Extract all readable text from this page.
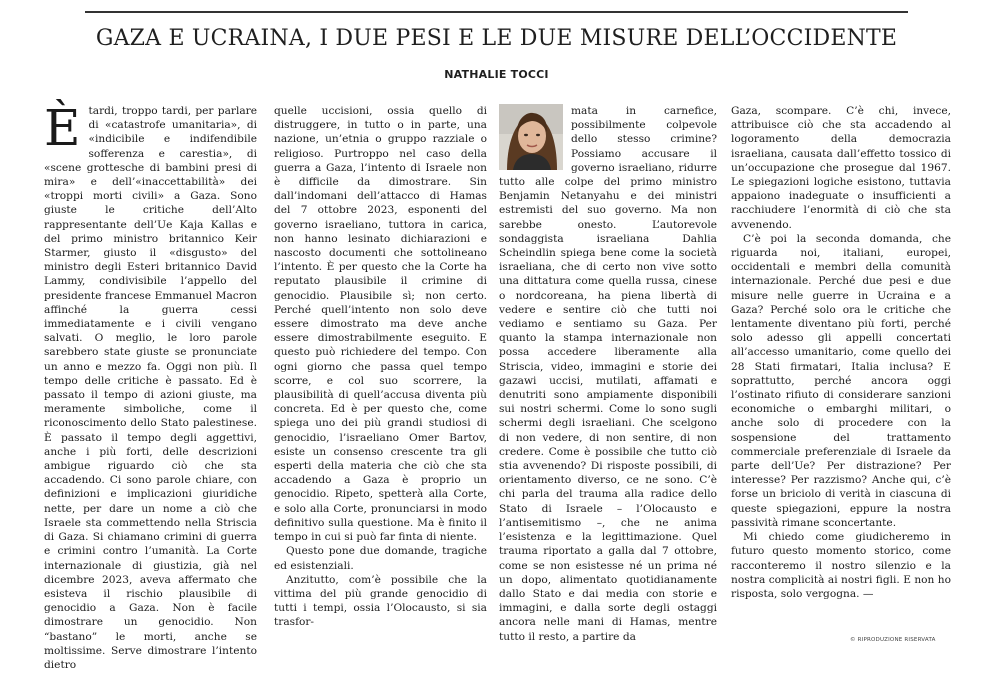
GAZA E UCRAINA, I DUE PESI E LE DUE MISURE DELL’OCCIDENTE
NATHALIE TOCCI
È tardi, troppo tardi, per parlare di «catastrofe umanitaria», di «indicibile e indifendibile sofferenza e carestia», di «scene grottesche di bambini presi di mira» e dell’«inaccettabilità» dei «troppi morti civili» a Gaza. Sono giuste le critiche dell’Alto rappresentante dell’Ue Kaja Kallas e del primo ministro britannico Keir Starmer, giusto il «disgusto» del ministro degli Esteri britannico David Lammy, condivisibile l’appello del presidente francese Emmanuel Macron affinché la guerra cessi immediatamente e i civili vengano salvati. O meglio, le loro parole sarebbero state giuste se pronunciate un anno e mezzo fa. Oggi non più. Il tempo delle critiche è passato. Ed è passato il tempo di azioni giuste, ma meramente simboliche, come il riconoscimento dello Stato palestinese. È passato il tempo degli aggettivi, anche i più forti, delle descrizioni ambigue riguardo ciò che sta accadendo. Ci sono parole chiare, con definizioni e implicazioni giuridiche nette, per dare un nome a ciò che Israele sta commettendo nella Striscia di Gaza. Si chiamano crimini di guerra e crimini contro l’umanità. La Corte internazionale di giustizia, già nel dicembre 2023, aveva affermato che esisteva il rischio plausibile di genocidio a Gaza. Non è facile dimostrare un genocidio. Non “bastano” le morti, anche se moltissime. Serve dimostrare l’intento dietro

quelle uccisioni, ossia quello di distruggere, in tutto o in parte, una nazione, un’etnia o gruppo razziale o religioso. Purtroppo nel caso della guerra a Gaza, l’intento di Israele non è difficile da dimostrare. Sin dall’indomani dell’attacco di Hamas del 7 ottobre 2023, esponenti del governo israeliano, tuttora in carica, non hanno lesinato dichiarazioni e nascosto documenti che sottolineano l’intento. È per questo che la Corte ha reputato plausibile il crimine di genocidio. Plausibile sì; non certo. Perché quell’intento non solo deve essere dimostrato ma deve anche essere dimostrabilmente eseguito. E questo può richiedere del tempo. Con ogni giorno che passa quel tempo scorre, e col suo scorrere, la plausibilità di quell’accusa diventa più concreta. Ed è per questo che, come spiega uno dei più grandi studiosi di genocidio, l’israeliano Omer Bartov, esiste un consenso crescente tra gli esperti della materia che ciò che sta accadendo a Gaza è proprio un genocidio. Ripeto, spetterà alla Corte, e solo alla Corte, pronunciarsi in modo definitivo sulla questione. Ma è finito il tempo in cui si può far finta di niente.

Questo pone due domande, tragiche ed esistenziali.

Anzitutto, com’è possibile che la vittima del più grande genocidio di tutti i tempi, ossia l’Olocausto, si sia trasfor-

mata in carnefice, possibilmente colpevole dello stesso crimine? Possiamo accusare il governo israeliano, ridurre tutto alle colpe del primo ministro Benjamin Netanyahu e dei ministri estremisti del suo governo. Ma non sarebbe onesto. L’autorevole sondaggista israeliana Dahlia Scheindlin spiega bene come la società israeliana, che di certo non vive sotto una dittatura come quella russa, cinese o nordcoreana, ha piena libertà di vedere e sentire ciò che tutti noi vediamo e sentiamo su Gaza. Per quanto la stampa internazionale non possa accedere liberamente alla Striscia, video, immagini e storie dei gazawi uccisi, mutilati, affamati e denutriti sono ampiamente disponibili sui nostri schermi. Come lo sono sugli schermi degli israeliani. Che scelgono di non vedere, di non sentire, di non credere. Come è possibile che tutto ciò stia avvenendo? Di risposte possibili, di orientamento diverso, ce ne sono. C’è chi parla del trauma alla radice dello Stato di Israele – l’Olocausto e l’antisemitismo –, che ne anima l’esistenza e la legittimazione. Quel trauma riportato a galla dal 7 ottobre, come se non esistesse né un prima né un dopo, alimentato quotidianamente dallo Stato e dai media con storie e immagini, e dalla sorte degli ostaggi ancora nelle mani di Hamas, mentre tutto il resto, a partire da

Gaza, scompare. C’è chi, invece, attribuisce ciò che sta accadendo al logoramento della democrazia israeliana, causata dall’effetto tossico di un’occupazione che prosegue dal 1967. Le spiegazioni logiche esistono, tuttavia appaiono inadeguate o insufficienti a racchiudere l’enormità di ciò che sta avvenendo.

C’è poi la seconda domanda, che riguarda noi, italiani, europei, occidentali e membri della comunità internazionale. Perché due pesi e due misure nelle guerre in Ucraina e a Gaza? Perché solo ora le critiche che lentamente diventano più forti, perché solo adesso gli appelli concertati all’accesso umanitario, come quello dei 28 Stati firmatari, Italia inclusa? E soprattutto, perché ancora oggi l’ostinato rifiuto di considerare sanzioni economiche o embarghi militari, o anche solo di procedere con la sospensione del trattamento commerciale preferenziale di Israele da parte dell’Ue? Per distrazione? Per interesse? Per razzismo? Anche qui, c’è forse un briciolo di verità in ciascuna di queste spiegazioni, eppure la nostra passività rimane sconcertante.

Mi chiedo come giudicheremo in futuro questo momento storico, come racconteremo il nostro silenzio e la nostra complicità ai nostri figli. E non ho risposta, solo vergogna. —

© RIPRODUZIONE RISERVATA
